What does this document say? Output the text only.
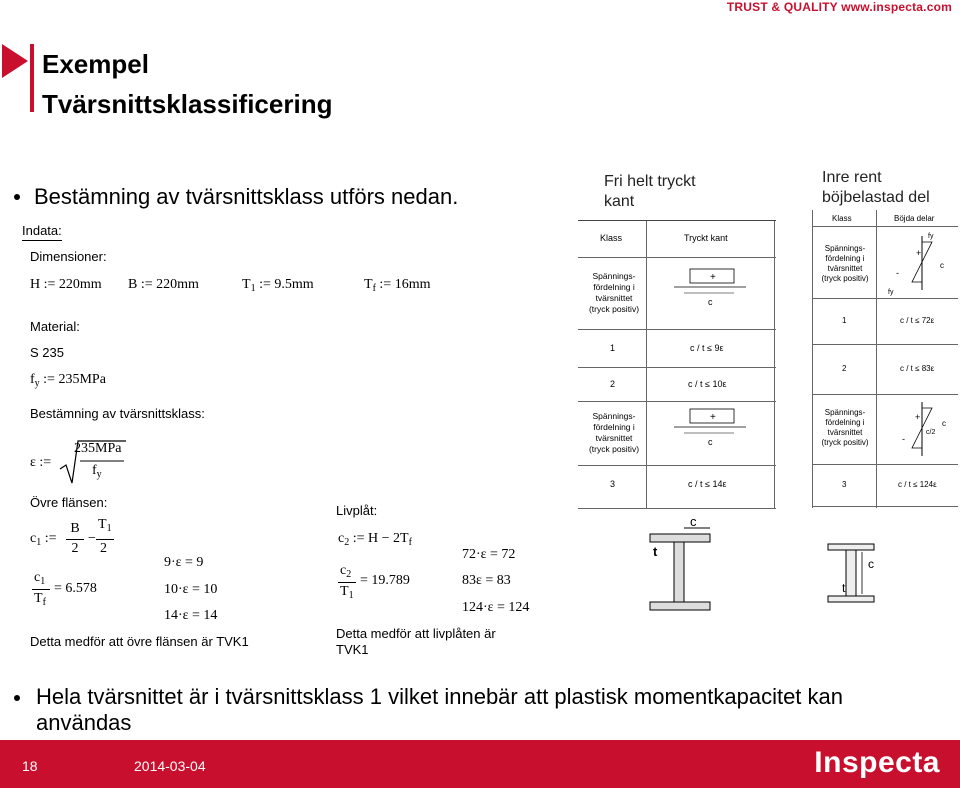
TRUST & QUALITY www.inspecta.com
Exempel
Tvärsnittsklassificering
Bestämning av tvärsnittsklass utförs nedan.
Indata:
Dimensioner:
H := 220mm B := 220mm	$T_1$ := 9.5mm	$T_f$ := 16mm
Material:
S 235
$f_y$ := 235MPa
Bestämning av tvärsnittsklass:
ε :=
235MPa
$f_y$
Övre flänsen:
$c_1$ :=
B
2
−
$T_1$
2
$c_1$
$T_f$
= 6.578
9·ε = 9
10·ε = 10
14·ε = 14
Detta medför att övre flänsen är TVK1
Livplåt:
$c_2$ := $H - 2T_f$
$c_2$
$T_1$
= 19.789
72·ε = 72
83ε = 83
124·ε = 124
Detta medför att livplåten är
TVK1
Fri helt tryckt
kant
Klass	Tryckt kant
Spännings-
fördelning i
tvärsnittet
(tryck positiv)
+
c
1	c / t ≤ 9ε
2	c / t ≤ 10ε
Spännings-
fördelning i
tvärsnittet
(tryck positiv)
+
c
3	c / t ≤ 14ε
c
t
Inre rent
böjbelastad del
Klass	Böjda delar
Spännings-
fördelning i
tvärsnittet
(tryck positiv)
+
-
c
fy
fy
1	c / t ≤ 72ε
2	c / t ≤ 83ε
Spännings-
fördelning i
tvärsnittet
(tryck positiv)
+
-
c/2
c
3	c / t ≤ 124ε
c
t
Hela tvärsnittet är i tvärsnittsklass 1 vilket innebär att plastisk momentkapacitet kan
användas
18	2014-03-04	Inspecta
